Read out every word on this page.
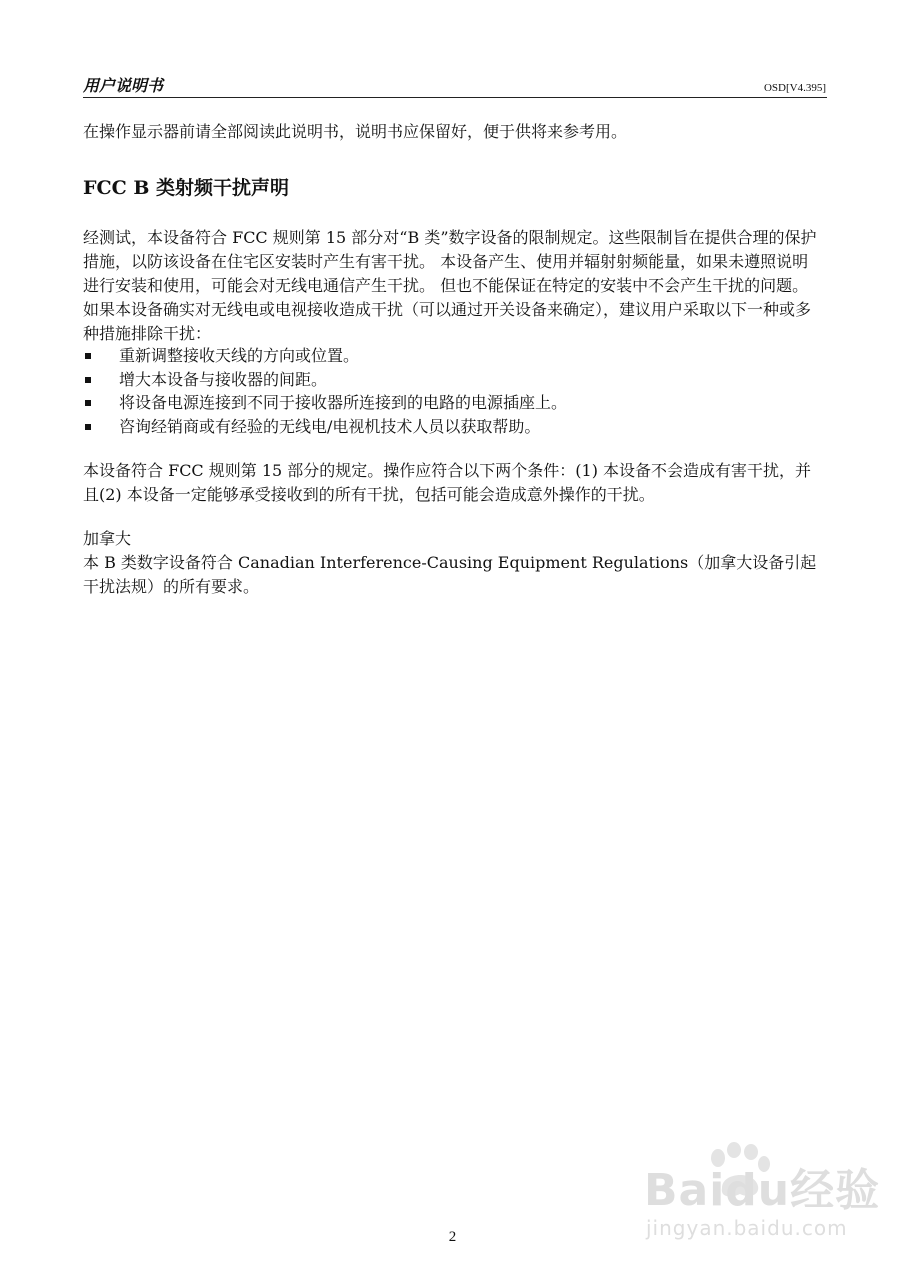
用户说明书	OSD[V4.395]

在操作显示器前请全部阅读此说明书，说明书应保留好，便于供将来参考用。

FCC B 类射频干扰声明

经测试，本设备符合 FCC 规则第 15 部分对“B 类”数字设备的限制规定。这些限制旨在提供合理的保护措施，以防该设备在住宅区安装时产生有害干扰。 本设备产生、使用并辐射射频能量，如果未遵照说明进行安装和使用，可能会对无线电通信产生干扰。 但也不能保证在特定的安装中不会产生干扰的问题。 如果本设备确实对无线电或电视接收造成干扰（可以通过开关设备来确定），建议用户采取以下一种或多种措施排除干扰：

重新调整接收天线的方向或位置。
增大本设备与接收器的间距。
将设备电源连接到不同于接收器所连接到的电路的电源插座上。
咨询经销商或有经验的无线电/电视机技术人员以获取帮助。

本设备符合 FCC 规则第 15 部分的规定。操作应符合以下两个条件：(1) 本设备不会造成有害干扰，并且(2) 本设备一定能够承受接收到的所有干扰，包括可能会造成意外操作的干扰。

加拿大

本 B 类数字设备符合 Canadian Interference-Causing Equipment Regulations（加拿大设备引起干扰法规）的所有要求。

2
Baidu经验
jingyan.baidu.com
